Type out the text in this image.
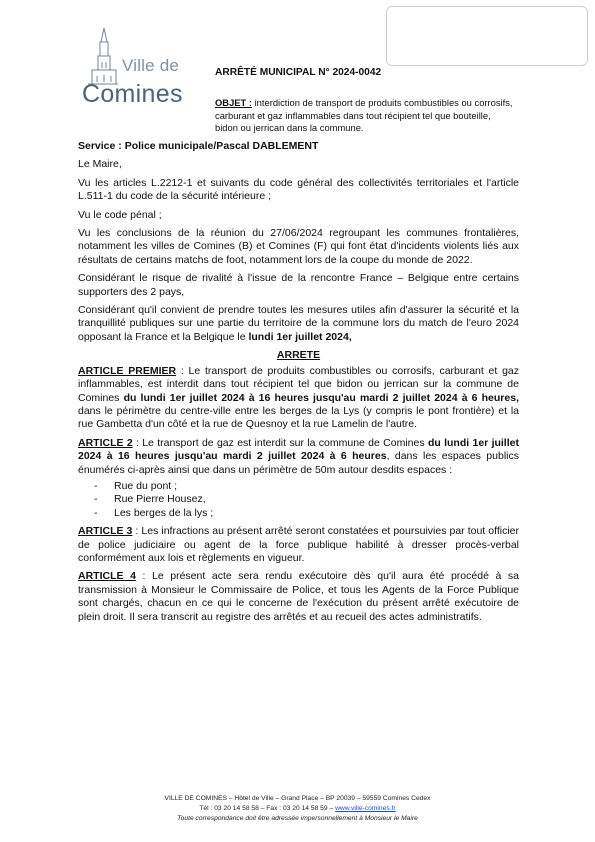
Ville de
Comines
ARRÊTÉ MUNICIPAL N° 2024-0042
OBJET : interdiction de transport de produits combustibles ou corrosifs, carburant et gaz inflammables dans tout récipient tel que bouteille, bidon ou jerrican dans la commune.

Service : Police municipale/Pascal DABLEMENT

Le Maire,

Vu les articles L.2212-1 et suivants du code général des collectivités territoriales et l'article L.511-1 du code de la sécurité intérieure ;

Vu le code pénal ;

Vu les conclusions de la réunion du 27/06/2024 regroupant les communes frontalières, notamment les villes de Comines (B) et Comines (F) qui font état d'incidents violents liés aux résultats de certains matchs de foot, notamment lors de la coupe du monde de 2022.

Considérant le risque de rivalité à l'issue de la rencontre France – Belgique entre certains supporters des 2 pays,

Considérant qu'il convient de prendre toutes les mesures utiles afin d'assurer la sécurité et la tranquillité publiques sur une partie du territoire de la commune lors du match de l'euro 2024 opposant la France et la Belgique le lundi 1er juillet 2024,

ARRETE

ARTICLE PREMIER : Le transport de produits combustibles ou corrosifs, carburant et gaz inflammables, est interdit dans tout récipient tel que bidon ou jerrican sur la commune de Comines du lundi 1er juillet 2024 à 16 heures jusqu'au mardi 2 juillet 2024 à 6 heures, dans le périmètre du centre-ville entre les berges de la Lys (y compris le pont frontière) et la rue Gambetta d'un côté et la rue de Quesnoy et la rue Lamelin de l'autre.

ARTICLE 2 : Le transport de gaz est interdit sur la commune de Comines du lundi 1er juillet 2024 à 16 heures jusqu'au mardi 2 juillet 2024 à 6 heures, dans les espaces publics énumérés ci-après ainsi que dans un périmètre de 50m autour desdits espaces :

- Rue du pont ;
- Rue Pierre Housez,
- Les berges de la lys ;

ARTICLE 3 : Les infractions au présent arrêté seront constatées et poursuivies par tout officier de police judiciaire ou agent de la force publique habilité à dresser procès-verbal conformément aux lois et règlements en vigueur.

ARTICLE 4 : Le présent acte sera rendu exécutoire dès qu'il aura été procédé à sa transmission à Monsieur le Commissaire de Police, et tous les Agents de la Force Publique sont chargés, chacun en ce qui le concerne de l'exécution du présent arrêté exécutoire de plein droit. Il sera transcrit au registre des arrêtés et au recueil des actes administratifs.

VILLE DE COMINES – Hôtel de Ville – Grand Place – BP 20039 – 59559 Comines Cedex
Tél : 03 20 14 58 58 – Fax : 03 20 14 58 59 – www.ville-comines.fr
Toute correspondance doit être adressée impersonnellement à Monsieur le Maire
